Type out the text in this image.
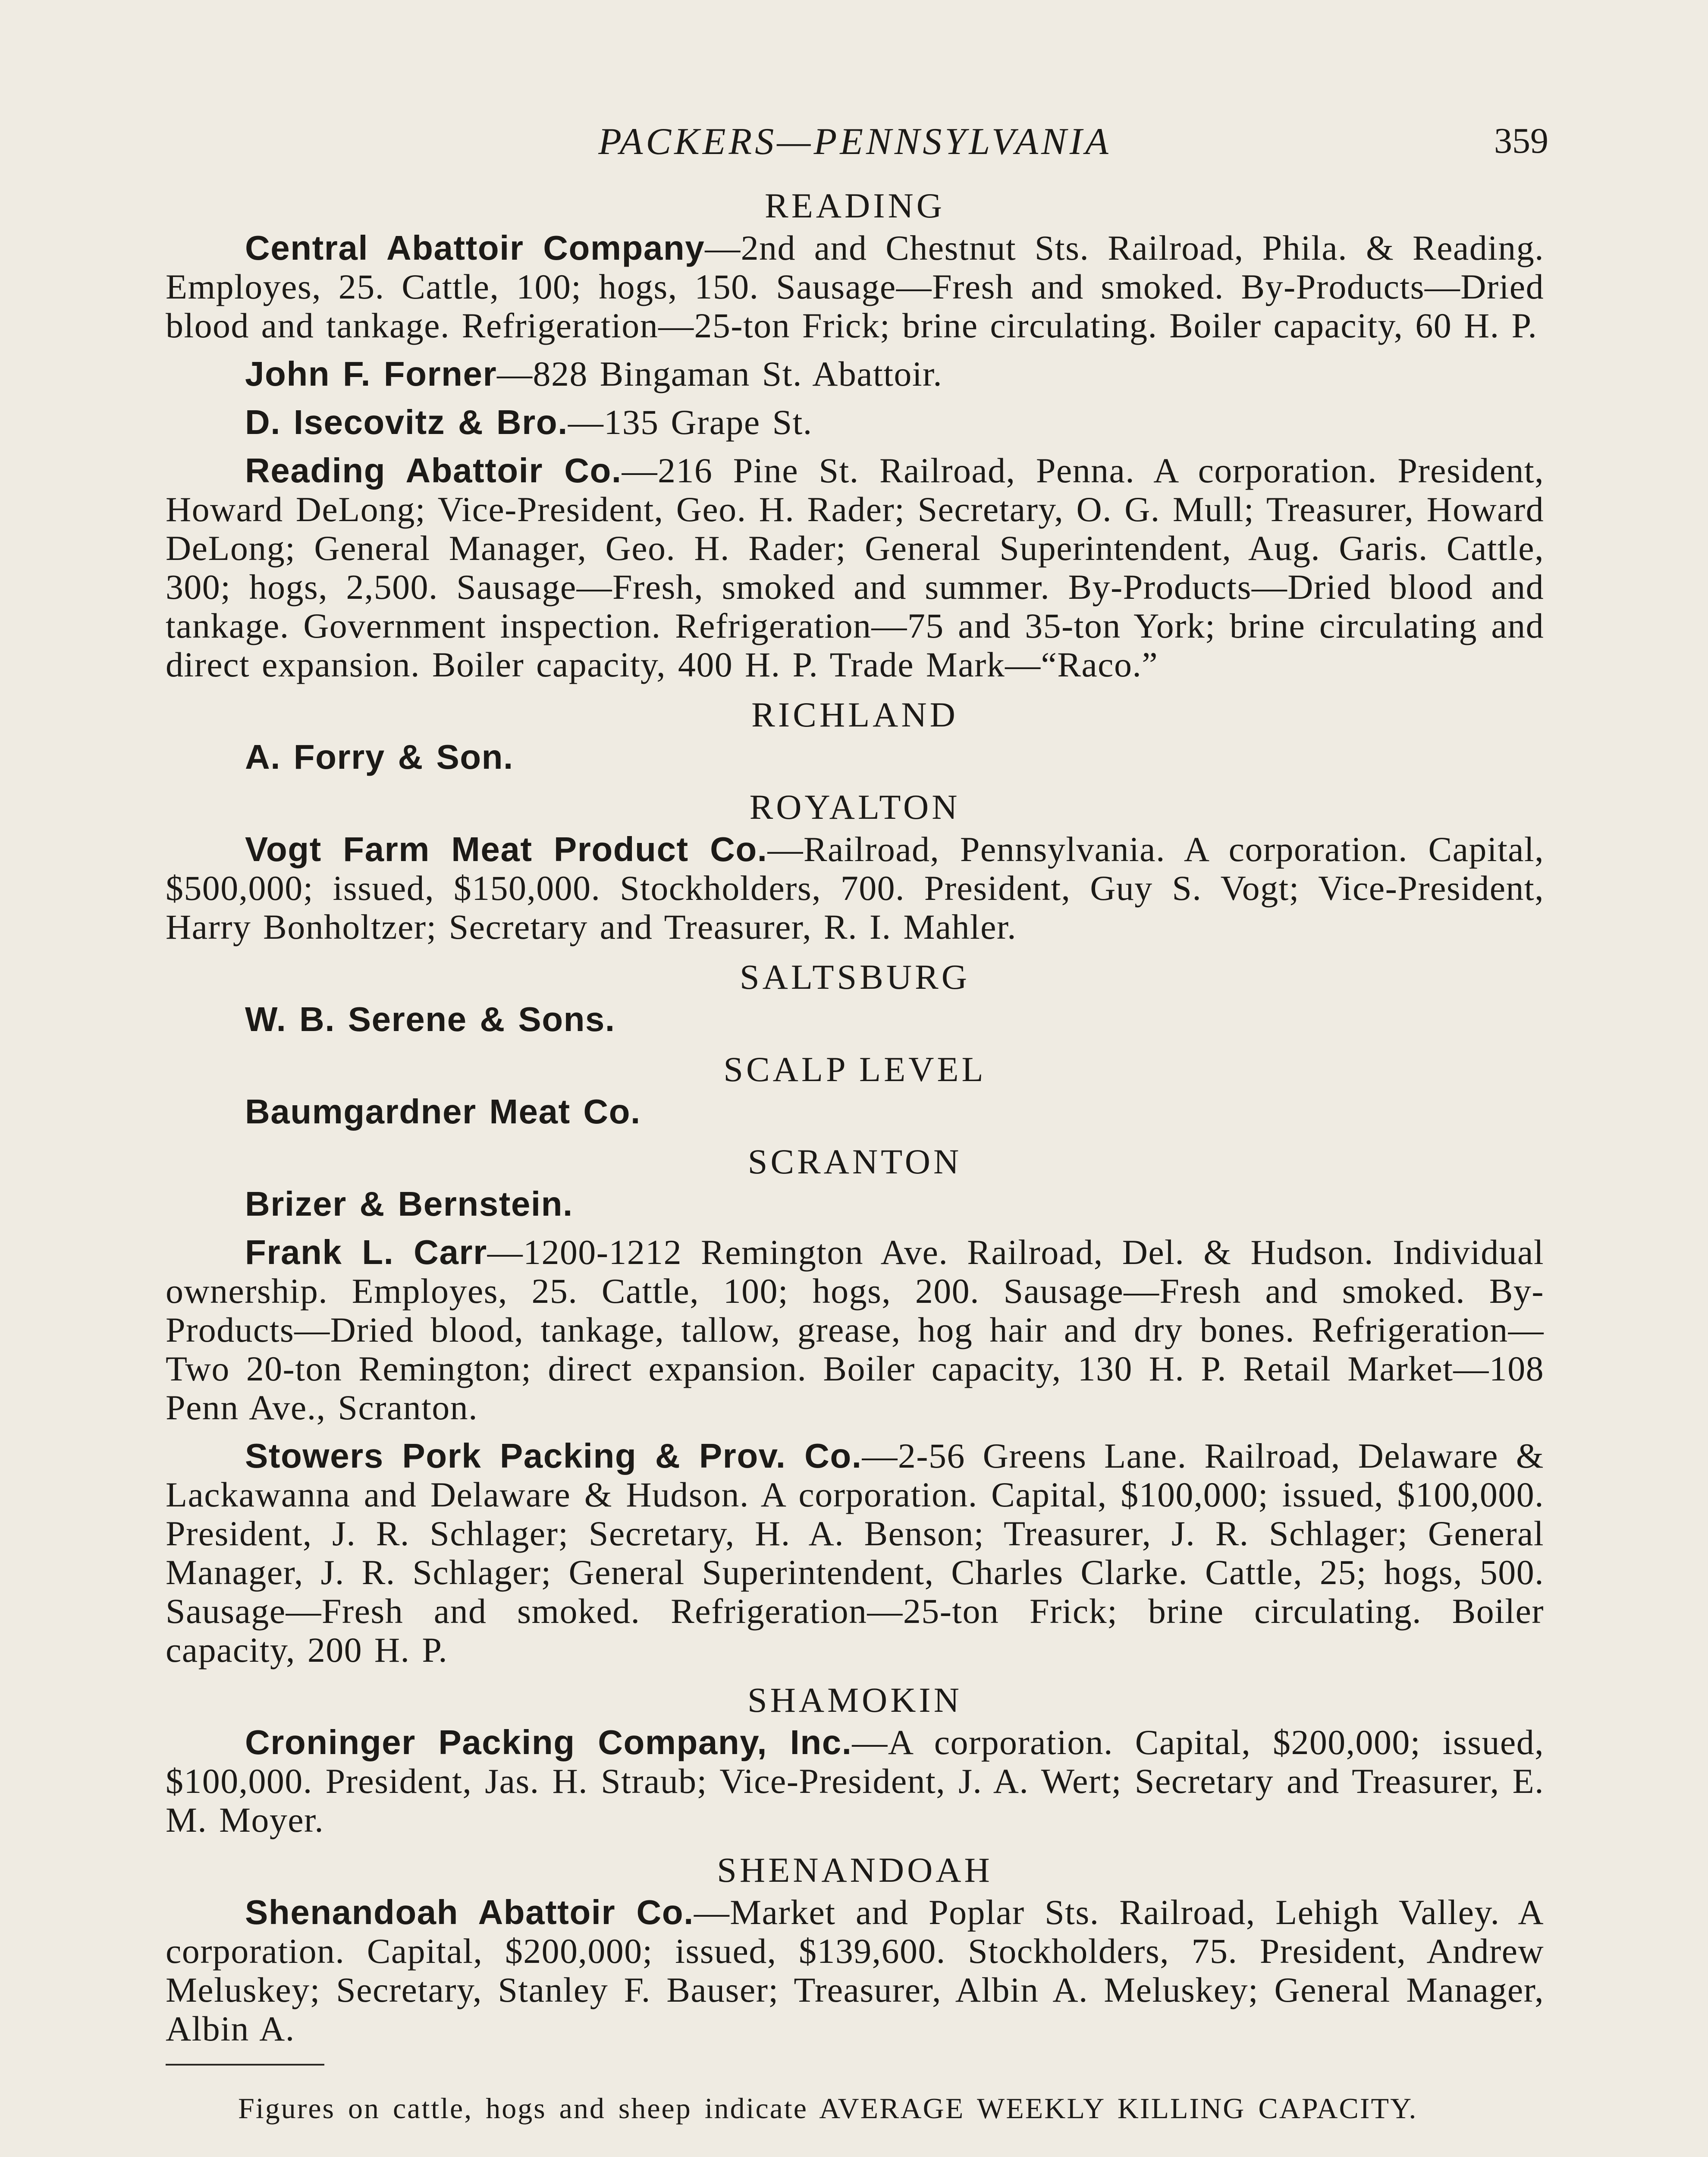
PACKERS—PENNSYLVANIA	359
READING

Central Abattoir Company—2nd and Chestnut Sts. Railroad, Phila. & Reading. Employes, 25. Cattle, 100; hogs, 150. Sausage—Fresh and smoked. By-Products—Dried blood and tankage. Refrigeration—25-ton Frick; brine circulating. Boiler capacity, 60 H. P.

John F. Forner—828 Bingaman St. Abattoir.

D. Isecovitz & Bro.—135 Grape St.

Reading Abattoir Co.—216 Pine St. Railroad, Penna. A corporation. President, Howard DeLong; Vice-President, Geo. H. Rader; Secretary, O. G. Mull; Treasurer, Howard DeLong; General Manager, Geo. H. Rader; General Superintendent, Aug. Garis. Cattle, 300; hogs, 2,500. Sausage—Fresh, smoked and summer. By-Products—Dried blood and tankage. Government inspection. Refrigeration—75 and 35-ton York; brine circulating and direct expansion. Boiler capacity, 400 H. P. Trade Mark—“Raco.”

RICHLAND

A. Forry & Son.

ROYALTON

Vogt Farm Meat Product Co.—Railroad, Pennsylvania. A corporation. Capital, $500,000; issued, $150,000. Stockholders, 700. President, Guy S. Vogt; Vice-President, Harry Bonholtzer; Secretary and Treasurer, R. I. Mahler.

SALTSBURG

W. B. Serene & Sons.

SCALP LEVEL

Baumgardner Meat Co.

SCRANTON

Brizer & Bernstein.

Frank L. Carr—1200-1212 Remington Ave. Railroad, Del. & Hudson. Individual ownership. Employes, 25. Cattle, 100; hogs, 200. Sausage—Fresh and smoked. By-Products—Dried blood, tankage, tallow, grease, hog hair and dry bones. Refrigeration—Two 20-ton Remington; direct expansion. Boiler capacity, 130 H. P. Retail Market—108 Penn Ave., Scranton.

Stowers Pork Packing & Prov. Co.—2-56 Greens Lane. Railroad, Delaware & Lackawanna and Delaware & Hudson. A corporation. Capital, $100,000; issued, $100,000. President, J. R. Schlager; Secretary, H. A. Benson; Treasurer, J. R. Schlager; General Manager, J. R. Schlager; General Superintendent, Charles Clarke. Cattle, 25; hogs, 500. Sausage—Fresh and smoked. Refrigeration—25-ton Frick; brine circulating. Boiler capacity, 200 H. P.

SHAMOKIN

Croninger Packing Company, Inc.—A corporation. Capital, $200,000; issued, $100,000. President, Jas. H. Straub; Vice-President, J. A. Wert; Secretary and Treasurer, E. M. Moyer.

SHENANDOAH

Shenandoah Abattoir Co.—Market and Poplar Sts. Railroad, Lehigh Valley. A corporation. Capital, $200,000; issued, $139,600. Stockholders, 75. President, Andrew Meluskey; Secretary, Stanley F. Bauser; Treasurer, Albin A. Meluskey; General Manager, Albin A.

Figures on cattle, hogs and sheep indicate AVERAGE WEEKLY KILLING CAPACITY.
